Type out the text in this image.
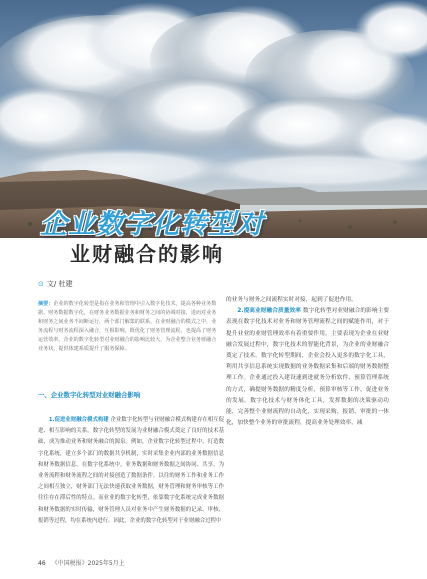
企业数字化转型对
业财融合的影响
⊙ 文/ 杜建

摘要：企业的数字化转型是指在业务和管理中引入数字化技术，提高各种业务数据、财务数据数字化，在财务业务数据业务和财务之间的协调对接，进而对业务和财务之间业务不间断运行，两个部门解集的联系，在业财融合的模式之中，业务流程与财务流程深入融合，互相影响，既优化了财务管理流程，也提高了财务运营效率。企业的数字化转型对业财融合的影响比较大，为企业整合业务财融合业务状，提供体建系质提升了服务保障。

一、企业数字化转型对业财融合影响

1.促进业财融合模式构建 企业数字化转型与业财融合模式构建存在相互促进、相互影响的关系。数字化转型的发展为业财融合模式奠定了良好的技术基础，成为推动业务和财务融合的源泉。例如，企业数字化转型过程中，打造数字化系统，建立多个部门的数据共享机制，实时采集企业内部的业务数据信息和财务数据信息。在数字化系统中，业务数据和财务数据之间协同、共享，为业务流程和财务流程之间的对接创造了数据条件。以往的财务工作和业务工作之间相互独立，财务部门无法快速获取业务数据，财务管理和财务审核等工作往往存在滞后性的特点。而业业的数字化转型，依靠数字化系统完成业务数据和财务数据的实时传输，财务管理人员对业务中产生财务数据的记录、审核、报销等过程，均在系统内进行。因此，企业的数字化转型对于业财融合过程中

的业务与财务之间流程实时对接，起到了促进作用。

2.提高业财融合质量效率 数字化转型对业财融合的影响主要表现在数字化技术对业务和财务管理流程之间的赋能作用，对于提升业业的业财管理效率有着重要作用，主要表现为企业在业财融合发展过程中，数字化技术的智能化背景，为企业的业财融合奠定了技术。数字化转型期间，企业会投入更多的数字化工具，利用共享信息系统实现数据的业务数据采集和后端的财务数据整理工作。企业通过投入建设速到进就务分析软件、预算管理系统的方式，确提财务数据的精度分析，预算审核等工作，促进业务的发展。数字化技术与财务体化工具，发挥数据的决策驱动功能，完善整个业财流程的自动化，实现采购、报销、审批的一体化，加快整个业务的审批流程，提高业务处理效率，减

46 《中国税报》2025年5月上
